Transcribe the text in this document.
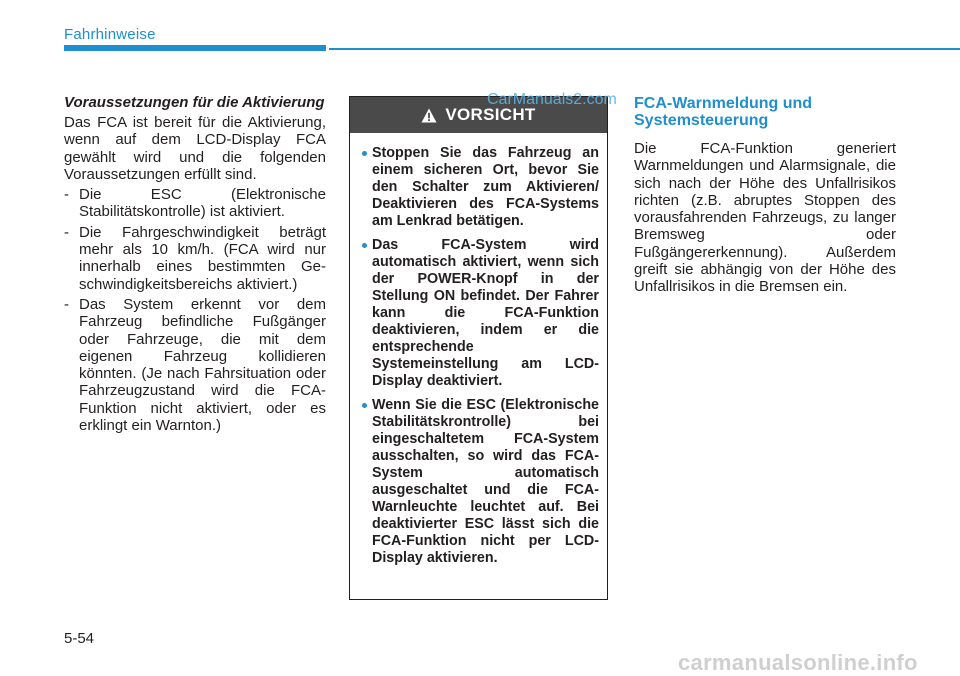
Fahrhinweise
Voraussetzungen für die Aktivierung
Das FCA ist bereit für die Aktivierung, wenn auf dem LCD-Display FCA gewählt wird und die folgenden Voraussetzungen erfüllt sind.
- Die ESC (Elektronische Stabilitätskontrolle) ist aktiviert.
- Die Fahrgeschwindigkeit beträgt mehr als 10 km/h. (FCA wird nur innerhalb eines bestimmten Ge-schwindigkeitsbereichs aktiviert.)
- Das System erkennt vor dem Fahrzeug befindliche Fußgänger oder Fahrzeuge, die mit dem eigenen Fahrzeug kollidieren könnten. (Je nach Fahrsituation oder Fahrzeugzustand wird die FCA-Funktion nicht aktiviert, oder es erklingt ein Warnton.)
VORSICHT
Stoppen Sie das Fahrzeug an einem sicheren Ort, bevor Sie den Schalter zum Aktivieren/ Deaktivieren des FCA-Systems am Lenkrad betätigen.
Das FCA-System wird automatisch aktiviert, wenn sich der POWER-Knopf in der Stellung ON befindet. Der Fahrer kann die FCA-Funktion deaktivieren, indem er die entsprechende Systemeinstellung am LCD-Display deaktiviert.
Wenn Sie die ESC (Elektronische Stabilitätskrontrolle) bei eingeschaltetem FCA-System ausschalten, so wird das FCA-System automatisch ausgeschaltet und die FCA-Warnleuchte leuchtet auf. Bei deaktivierter ESC lässt sich die FCA-Funktion nicht per LCD-Display aktivieren.
FCA-Warnmeldung und Systemsteuerung
Die FCA-Funktion generiert Warnmeldungen und Alarmsignale, die sich nach der Höhe des Unfallrisikos richten (z.B. abruptes Stoppen des vorausfahrenden Fahrzeugs, zu langer Bremsweg oder Fußgängererkennung). Außerdem greift sie abhängig von der Höhe des Unfallrisikos in die Bremsen ein.
5-54
CarManuals2.com
carmanualsonline.info
